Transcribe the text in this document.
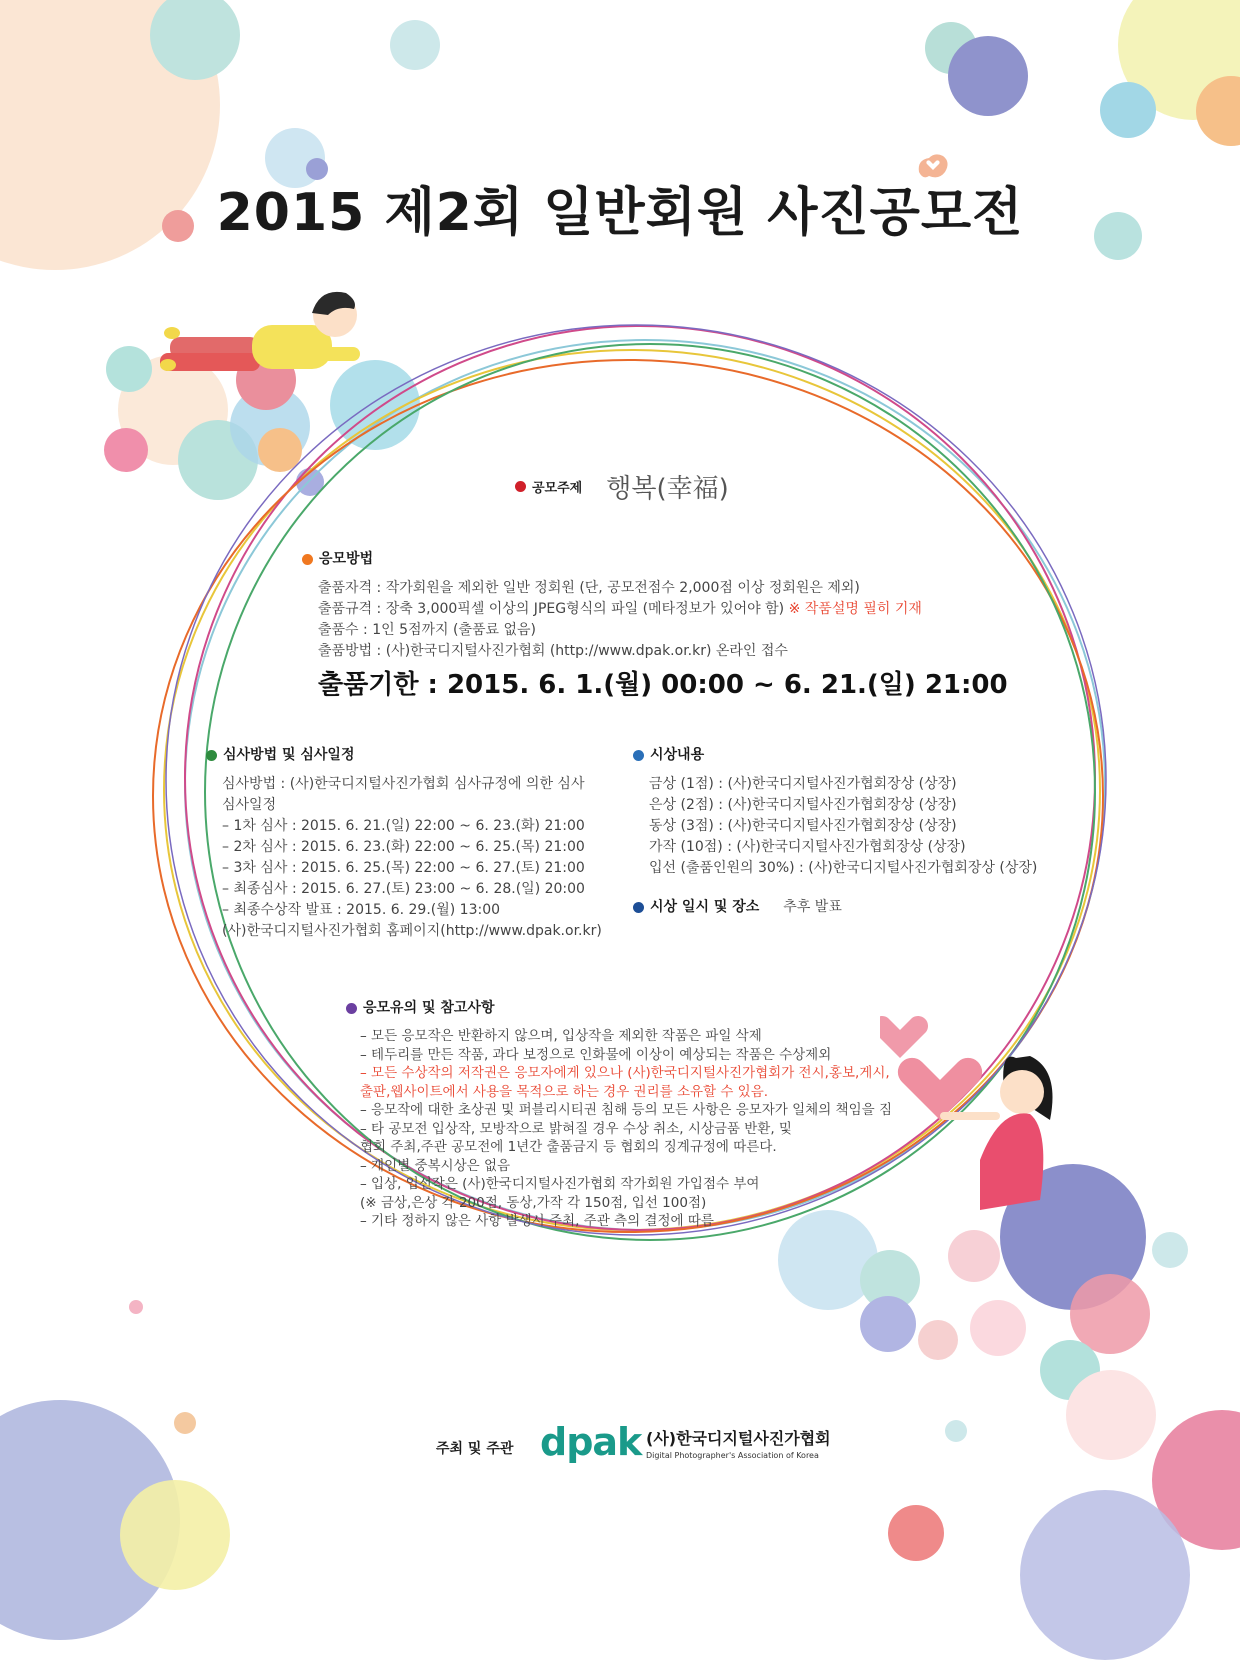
2015 제2회 일반회원 사진공모전
공모주제 행복(幸福)
응모방법
출품자격 : 작가회원을 제외한 일반 정회원 (단, 공모전점수 2,000점 이상 정회원은 제외)
출품규격 : 장축 3,000픽셀 이상의 JPEG형식의 파일 (메타정보가 있어야 함) ※ 작품설명 필히 기재
출품수 : 1인 5점까지 (출품료 없음)
출품방법 : (사)한국디지털사진가협회 (http://www.dpak.or.kr) 온라인 접수
출품기한 : 2015. 6. 1.(월) 00:00 ~ 6. 21.(일) 21:00
심사방법 및 심사일정
심사방법 : (사)한국디지털사진가협회 심사규정에 의한 심사
심사일정
– 1차 심사 : 2015. 6. 21.(일) 22:00 ~ 6. 23.(화) 21:00
– 2차 심사 : 2015. 6. 23.(화) 22:00 ~ 6. 25.(목) 21:00
– 3차 심사 : 2015. 6. 25.(목) 22:00 ~ 6. 27.(토) 21:00
– 최종심사 : 2015. 6. 27.(토) 23:00 ~ 6. 28.(일) 20:00
– 최종수상작 발표 : 2015. 6. 29.(월) 13:00
(사)한국디지털사진가협회 홈페이지(http://www.dpak.or.kr)
시상내용
금상 (1점) : (사)한국디지털사진가협회장상 (상장)
은상 (2점) : (사)한국디지털사진가협회장상 (상장)
동상 (3점) : (사)한국디지털사진가협회장상 (상장)
가작 (10점) : (사)한국디지털사진가협회장상 (상장)
입선 (출품인원의 30%) : (사)한국디지털사진가협회장상 (상장)
시상 일시 및 장소 추후 발표
응모유의 및 참고사항
– 모든 응모작은 반환하지 않으며, 입상작을 제외한 작품은 파일 삭제
– 테두리를 만든 작품, 과다 보정으로 인화물에 이상이 예상되는 작품은 수상제외
– 모든 수상작의 저작권은 응모자에게 있으나 (사)한국디지털사진가협회가 전시,홍보,게시,
출판,웹사이트에서 사용을 목적으로 하는 경우 권리를 소유할 수 있음.
– 응모작에 대한 초상권 및 퍼블리시티권 침해 등의 모든 사항은 응모자가 일체의 책임을 짐
– 타 공모전 입상작, 모방작으로 밝혀질 경우 수상 취소, 시상금품 반환, 및
협회 주최,주관 공모전에 1년간 출품금지 등 협회의 징계규정에 따른다.
– 개인별 중복시상은 없음
– 입상, 입선작은 (사)한국디지털사진가협회 작가회원 가입점수 부여
(※ 금상,은상 각 200점, 동상,가작 각 150점, 입선 100점)
– 기타 정하지 않은 사항 발생시 주최, 주관 측의 결정에 따름
주최 및 주관 dpak (사)한국디지털사진가협회
Digital Photographer's Association of Korea
